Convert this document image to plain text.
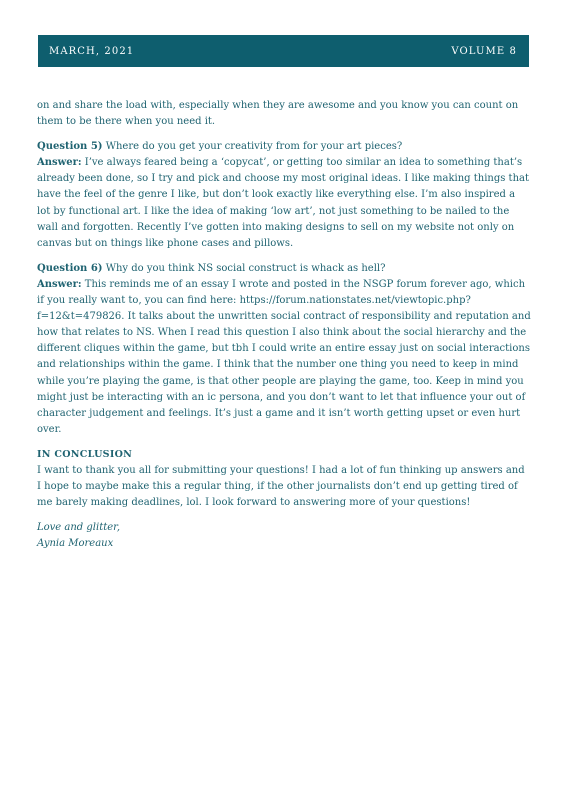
MARCH, 2021	VOLUME 8

on and share the load with, especially when they are awesome and you know you can count on them to be there when you need it.

Question 5) Where do you get your creativity from for your art pieces?
Answer: I’ve always feared being a ‘copycat’, or getting too similar an idea to something that’s already been done, so I try and pick and choose my most original ideas. I like making things that have the feel of the genre I like, but don’t look exactly like everything else. I’m also inspired a lot by functional art. I like the idea of making ‘low art’, not just something to be nailed to the wall and forgotten. Recently I’ve gotten into making designs to sell on my website not only on canvas but on things like phone cases and pillows.

Question 6) Why do you think NS social construct is whack as hell?
Answer: This reminds me of an essay I wrote and posted in the NSGP forum forever ago, which if you really want to, you can find here: https://forum.nationstates.net/viewtopic.php? f=12&t=479826. It talks about the unwritten social contract of responsibility and reputation and how that relates to NS. When I read this question I also think about the social hierarchy and the different cliques within the game, but tbh I could write an entire essay just on social interactions and relationships within the game. I think that the number one thing you need to keep in mind while you’re playing the game, is that other people are playing the game, too. Keep in mind you might just be interacting with an ic persona, and you don’t want to let that influence your out of character judgement and feelings. It’s just a game and it isn’t worth getting upset or even hurt over.

IN CONCLUSION
I want to thank you all for submitting your questions! I had a lot of fun thinking up answers and I hope to maybe make this a regular thing, if the other journalists don’t end up getting tired of me barely making deadlines, lol. I look forward to answering more of your questions!

Love and glitter,
Aynia Moreaux
